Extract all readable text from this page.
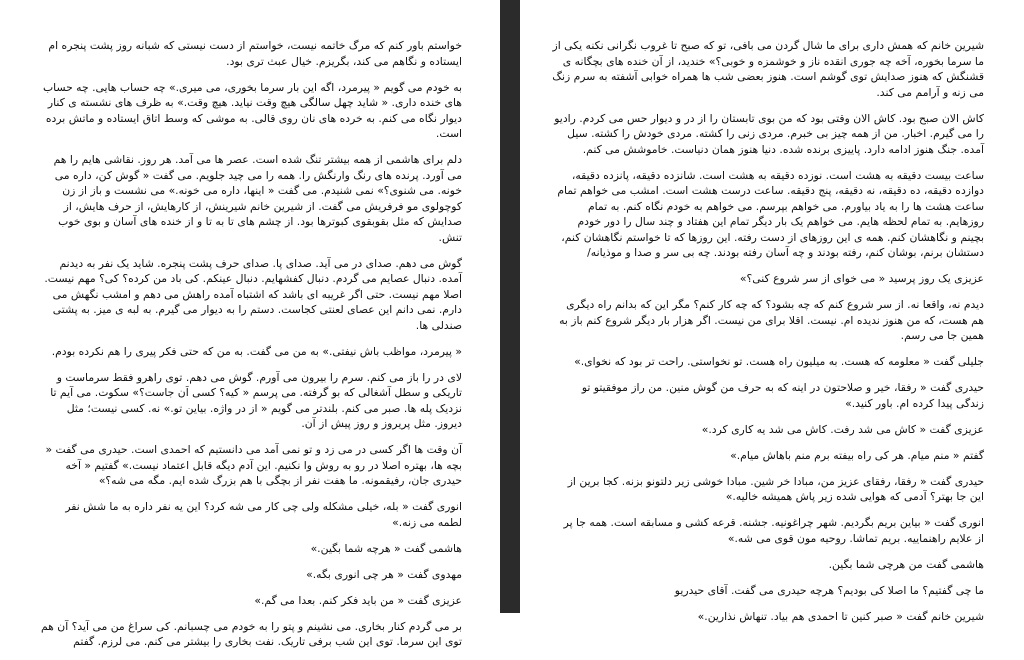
خواستم باور کنم که مرگ خاتمه نیست، خواستم از دست نیستی که شبانه روز پشت پنجره ام ایستاده و نگاهم می کند، بگریزم. خیال عبث تری بود.

به خودم می گویم « پیرمرد، اگه این بار سرما بخوری، می میری.» چه حساب هایی. چه حساب های خنده داری. « شاید چهل سالگی هیچ وقت نیاید. هیچ وقت.» به ظرف های نشسته ی کنار دیوار نگاه می کنم. به خرده های نان روی قالی. به موشی که وسط اتاق ایستاده و ماتش برده است.

دلم برای هاشمی از همه بیشتر تنگ شده است. عصر ها می آمد. هر روز. نقاشی هایم را هم می آورد. پرنده های رنگ وارنگش را. همه را می چید جلویم. می گفت « گوش کن، داره می خونه. می شنوی؟» نمی شنیدم. می گفت « اینها، داره می خونه.» می نشست و باز از زن کوچولوی مو فرفریش می گفت. از شیرین خانم شیرینش، از کارهایش، از حرف هایش، از صدایش که مثل بقوبقوی کبوترها بود. از چشم های تا به تا و از خنده های آسان و بوی خوب تنش.

گوش می دهم. صدای در می آید. صدای پا. صدای حرف پشت پنجره. شاید یک نفر به دیدنم آمده. دنبال عصایم می گردم. دنبال کفشهایم. دنبال عینکم. کی باد من کرده؟ کی؟ مهم نیست. اصلا مهم نیست. حتی اگر غریبه ای باشد که اشتباه آمده راهش می دهم و امشب نگهش می دارم. نمی دانم این عصای لعنتی کجاست. دستم را به دیوار می گیرم. به لبه ی میز. به پشتی صندلی ها.

« پیرمرد، مواظب باش نیفتی.» به من می گفت. به من که حتی فکر پیری را هم نکرده بودم.

لای در را باز می کنم. سرم را بیرون می آورم. گوش می دهم. توی راهرو فقط سرماست و تاریکی و سطل آشغالی که بو گرفته. می پرسم « کیه؟ کسی اَن جاست؟» سکوت. می آیم تا نزدیک پله ها. صبر می کنم. بلندتر می گویم « از در واژه. بیاین تو.» نه. کسی نیست؛ مثل دیروز. مثل پریروز و روز پیش از آن.

آن وقت ها اگر کسی در می زد و تو نمی آمد می دانستیم که احمدی است. حیدری می گفت « بچه ها، بهتره اصلا در رو به روش وا نکنیم. این آدم دیگه قابل اعتماد نیست.» گفتیم « آخه حیدری جان، رفیقمونه. ما هفت نفر از بچگی با هم بزرگ شده ایم. مگه می شه؟»

انوری گفت « بله، خیلی مشکله ولی چی کار می شه کرد؟ این یه نفر داره به ما شش نفر لطمه می زنه.»

هاشمی گفت « هرچه شما بگین.»

مهدوی گفت « هر چی انوری بگه.»

عزیزی گفت « من باید فکر کنم. بعدا می گم.»

بر می گردم کنار بخاری. می نشینم و پتو را به خودم می چسبانم. کی سراغ من می آید؟ آن هم توی این سرما. توی این شب برفی تاریک. نفت بخاری را بیشتر می کنم. می لرزم. گفتم

شیرین خانم که همش داری برای ما شال گردن می بافی، تو که صبح تا غروب نگرانی نکنه یکی از ما سرما بخوره، آخه چه جوری انقده ناز و خوشمزه و خوبی؟» خندید، از آن خنده های بچگانه ی قشنگش که هنوز صدایش توی گوشم است. هنوز بعضی شب ها همراه خوابی آشفته به سرم زنگ می زنه و آرامم می کند.

کاش الان صبح بود. کاش الان وقتی بود که من بوی تابستان را از در و دیوار حس می کردم. رادیو را می گیرم. اخبار. من از همه چیز بی خبرم. مردی زنی را کشته. مردی خودش را کشته. سیل آمده. جنگ هنوز ادامه دارد. پاییزی برنده شده. دنیا هنوز همان دنیاست. خاموشش می کنم.

ساعت بیست دقیقه به هشت است. نوزده دقیقه به هشت است. شانزده دقیقه، پانزده دقیقه، دوازده دقیقه، ده دقیقه، نه دقیقه، پنج دقیقه. ساعت درست هشت است. امشب می خواهم تمام ساعت هشت ها را به یاد بیاورم. می خواهم بپرسم. می خواهم به خودم نگاه کنم. به تمام روزهایم. به تمام لحظه هایم. می خواهم یک بار دیگر تمام این هفتاد و چند سال را دور خودم بچینم و نگاهشان کنم. همه ی این روزهای از دست رفته. این روزها که تا خواستم نگاهشان کنم، دستشان برنم، بوشان کنم، رفته بودند و چه آسان رفته بودند. چه بی سر و صدا و موذیانه/

عزیزی یک روز پرسید « می خوای از سر شروع کنی؟»

دیدم نه، واقعا نه. از سر شروع کنم که چه بشود؟ که چه کار کنم؟ مگر این که بدانم راه دیگری هم هست، که من هنوز ندیده ام. نیست. اقلا برای من نیست. اگر هزار بار دیگر شروع کنم باز به همین جا می رسم.

جلیلی گفت « معلومه که هست. به میلیون راه هست. تو نخواستی. راحت تر بود که نخوای.»

حیدری گفت « رفقا، خیر و صلاحتون در اینه که به حرف من گوش منین. من راز موفقیتو تو زندگی پیدا کرده ام. باور کنید.»

عزیزی گفت « کاش می شد رفت. کاش می شد یه کاری کرد.»

گفتم « منم میام. هر کی راه بیفته برم منم باهاش میام.»

حیدری گفت « رفقا، رفقای عزیز من، مبادا خر شین. مبادا خوشی زیر دلتونو بزنه. کجا برین از این جا بهتر؟ آدمی که هوایی شده زیر پاش همیشه خالیه.»

انوری گفت « بیاین بریم بگردیم. شهر چراغونیه. جشنه. قرعه کشی و مسابقه است. همه جا پر از علایم راهنماییه. بریم تماشا. روحیه مون قوی می شه.»

هاشمی گفت من هرچی شما بگین.

ما چی گفتیم؟ ما اصلا کی بودیم؟ هرچه حیدری می گفت. آقای حیدریو

شیرین خانم گفت « صبر کنین تا احمدی هم بیاد. تنهاش نذارین.»
